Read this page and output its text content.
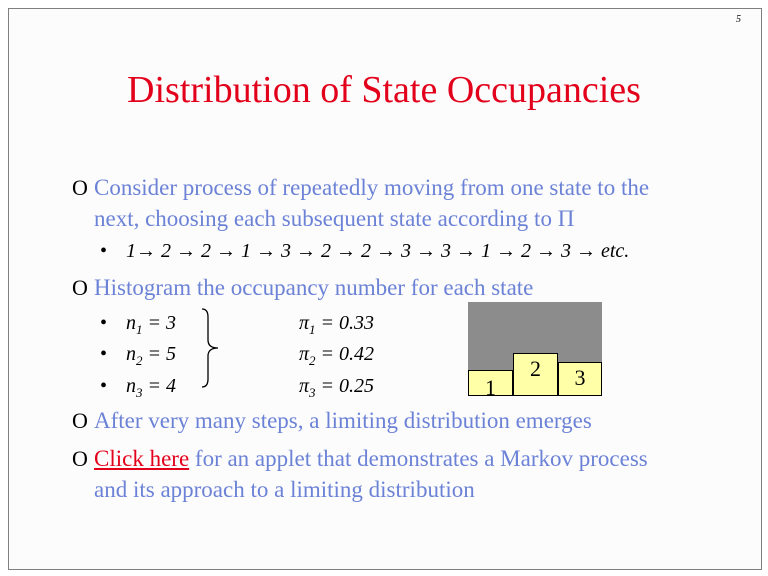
5
Distribution of State Occupancies
O Consider process of repeatedly moving from one state to the
next, choosing each subsequent state according to Π
• 1→ 2 → 2 → 1 → 3 → 2 → 2 → 3 → 3 → 1 → 2 → 3 → etc.
O Histogram the occupancy number for each state
• $n_1 = 3$
• $n_2 = 5$
• $n_3 = 4$
$\pi_1 = 0.33$
$\pi_2 = 0.42$
$\pi_3 = 0.25$	1
2	3
O After very many steps, a limiting distribution emerges
O Click here for an applet that demonstrates a Markov process
and its approach to a limiting distribution
